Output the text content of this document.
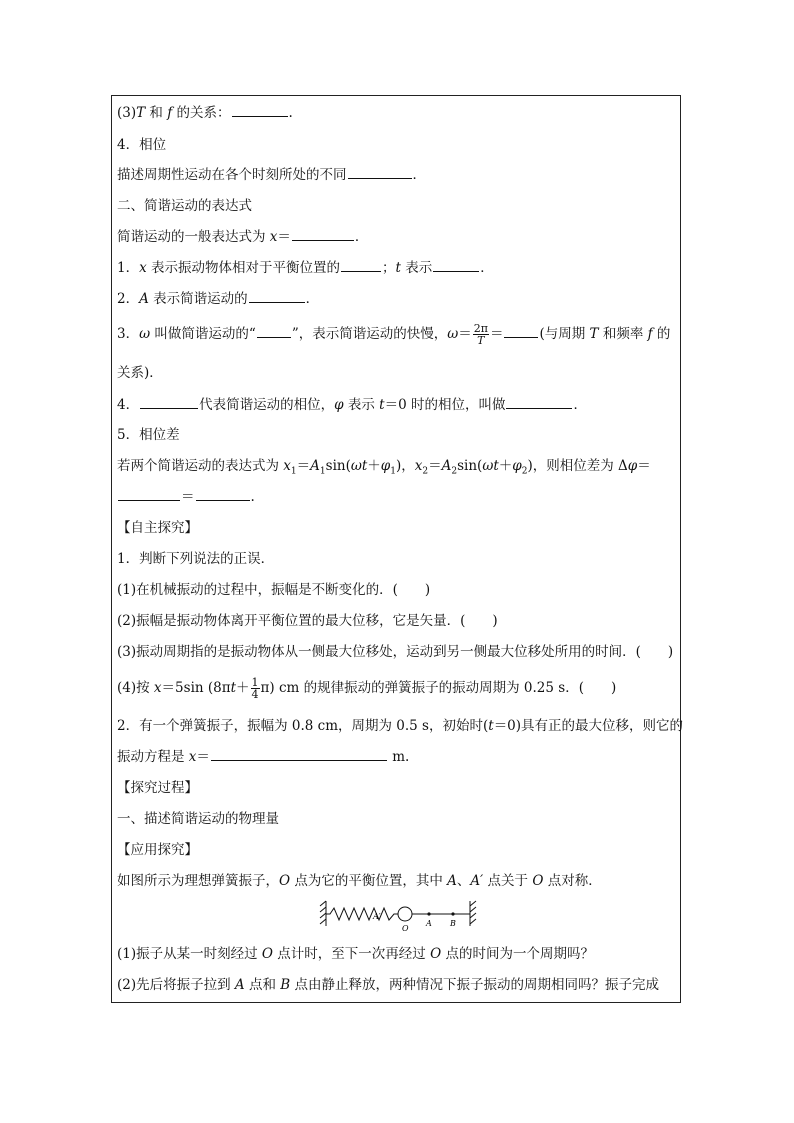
(3)T 和 f 的关系：	.
4．相位
描述周期性运动在各个时刻所处的不同	．
二、简谐运动的表达式
简谐运动的一般表达式为 x＝	．
1．x 表示振动物体相对于平衡位置的	；t 表示	．
2．A 表示简谐运动的	．
3．ω 叫做简谐运动的“	”，表示简谐运动的快慢，$\omega= \frac{2\pi}{T}$ ＝	(与周期 T 和频率 f 的
关系)．
4．	代表简谐运动的相位，φ 表示 t＝0 时的相位，叫做	．
5．相位差
若两个简谐运动的表达式为 $x_1=A_1\sin(\omega t+\varphi_1)$，$x_2=A_2\sin(\omega t+\varphi_2)$，则相位差为 Δφ＝
＝	.
【自主探究】
1．判断下列说法的正误．
(1)在机械振动的过程中，振幅是不断变化的．(　　)
(2)振幅是振动物体离开平衡位置的最大位移，它是矢量．(　　)
(3)振动周期指的是振动物体从一侧最大位移处，运动到另一侧最大位移处所用的时间．(　　)
(4)按 x＝5sin $(8\pi t+ \frac{1}{4} \pi)$ cm 的规律振动的弹簧振子的振动周期为 0.25 s．(　　)
2．有一个弹簧振子，振幅为 0.8 cm，周期为 0.5 s，初始时(t＝0)具有正的最大位移，则它的
振动方程是 x＝	m.
【探究过程】
一、描述简谐运动的物理量
【应用探究】
如图所示为理想弹簧振子，O 点为它的平衡位置，其中 A、A′ 点关于 O 点对称．
A′
O
A B
(1)振子从某一时刻经过 O 点计时，至下一次再经过 O 点的时间为一个周期吗？
(2)先后将振子拉到 A 点和 B 点由静止释放，两种情况下振子振动的周期相同吗？振子完成
